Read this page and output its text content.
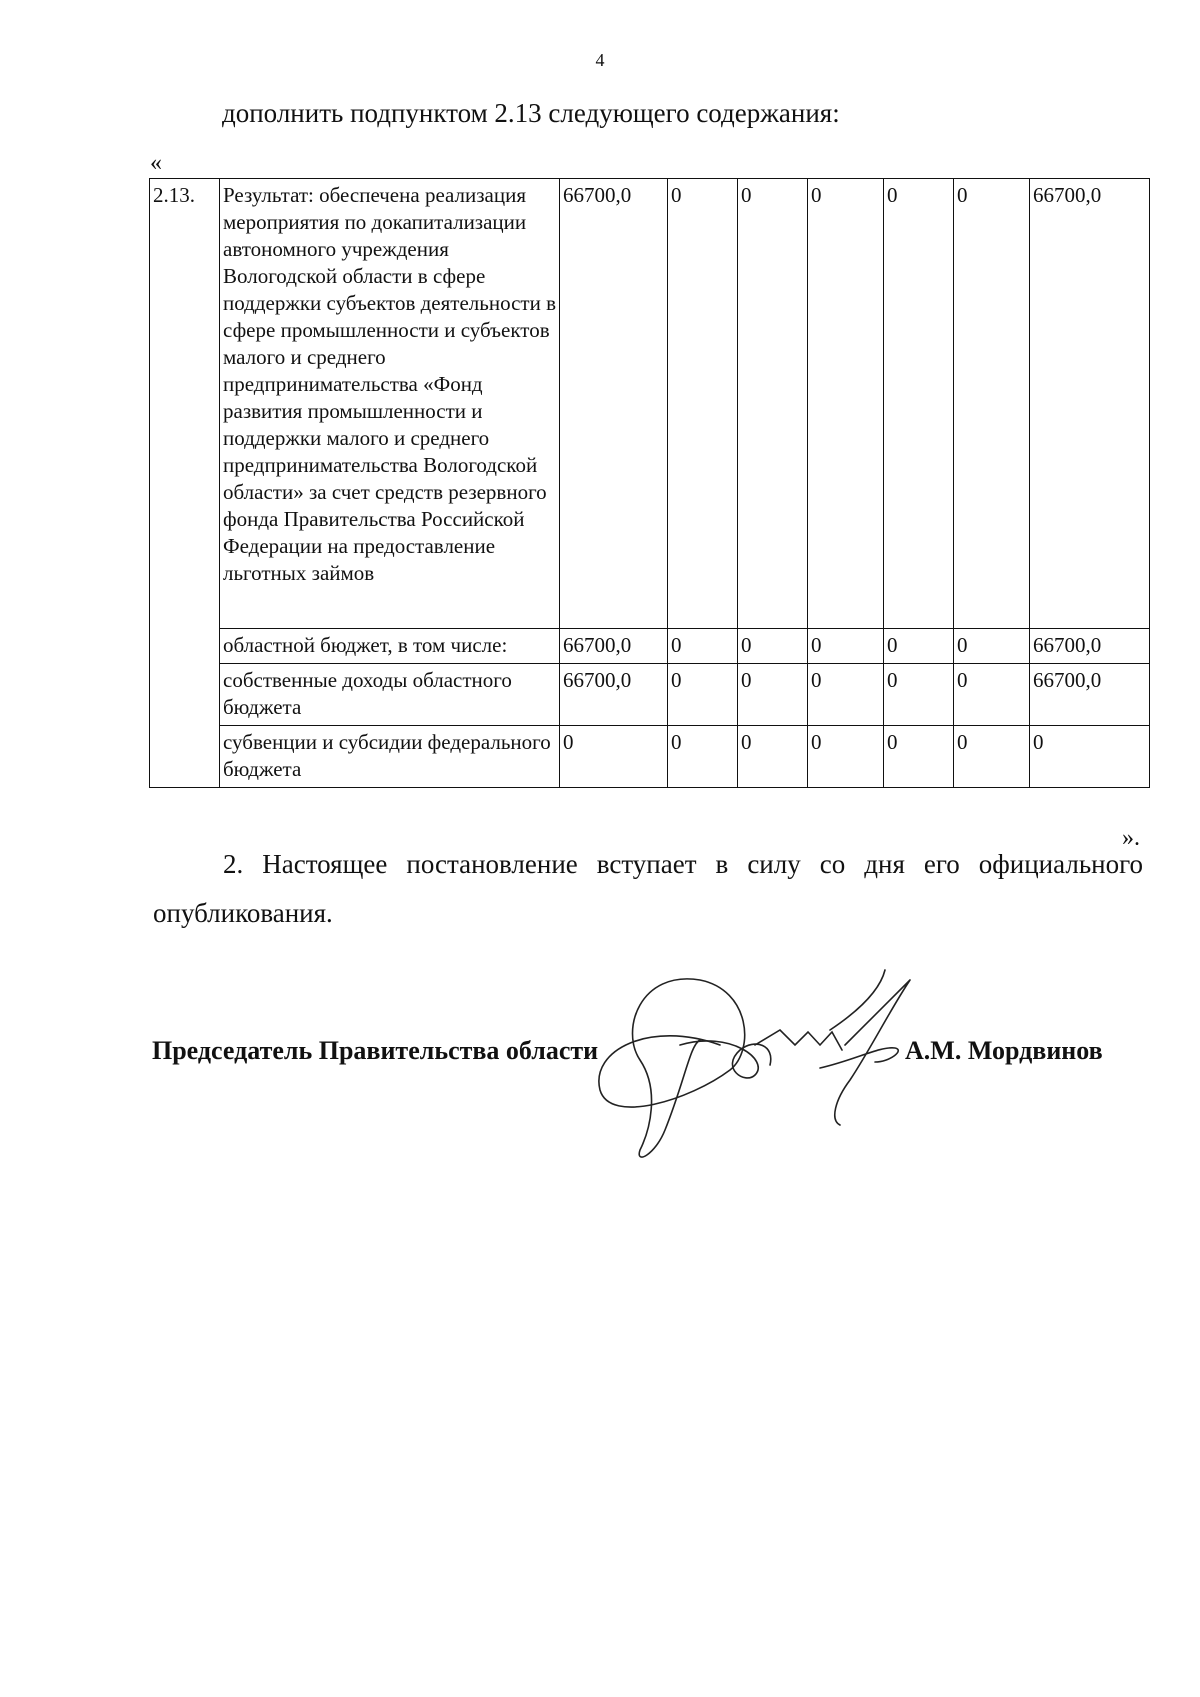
4
дополнить подпунктом 2.13 следующего содержания:
«
2.13.	Результат: обеспечена реализация мероприятия по докапитализации автономного учреждения Вологодской области в сфере поддержки субъектов деятельности в сфере промышленности и субъектов малого и среднего предпринимательства «Фонд развития промышленности и поддержки малого и среднего предпринимательства Вологодской области» за счет средств резервного фонда Правительства Российской Федерации на предоставление льготных займов	66700,0	0	0	0	0	0	66700,0
	областной бюджет, в том числе:	66700,0	0	0	0	0	0	66700,0
	собственные доходы областного бюджета	66700,0	0	0	0	0	0	66700,0
	субвенции и субсидии федерального бюджета	0	0	0	0	0	0	0
».
2. Настоящее постановление вступает в силу со дня его официального опубликования.
Председатель Правительства области	А.М. Мордвинов
